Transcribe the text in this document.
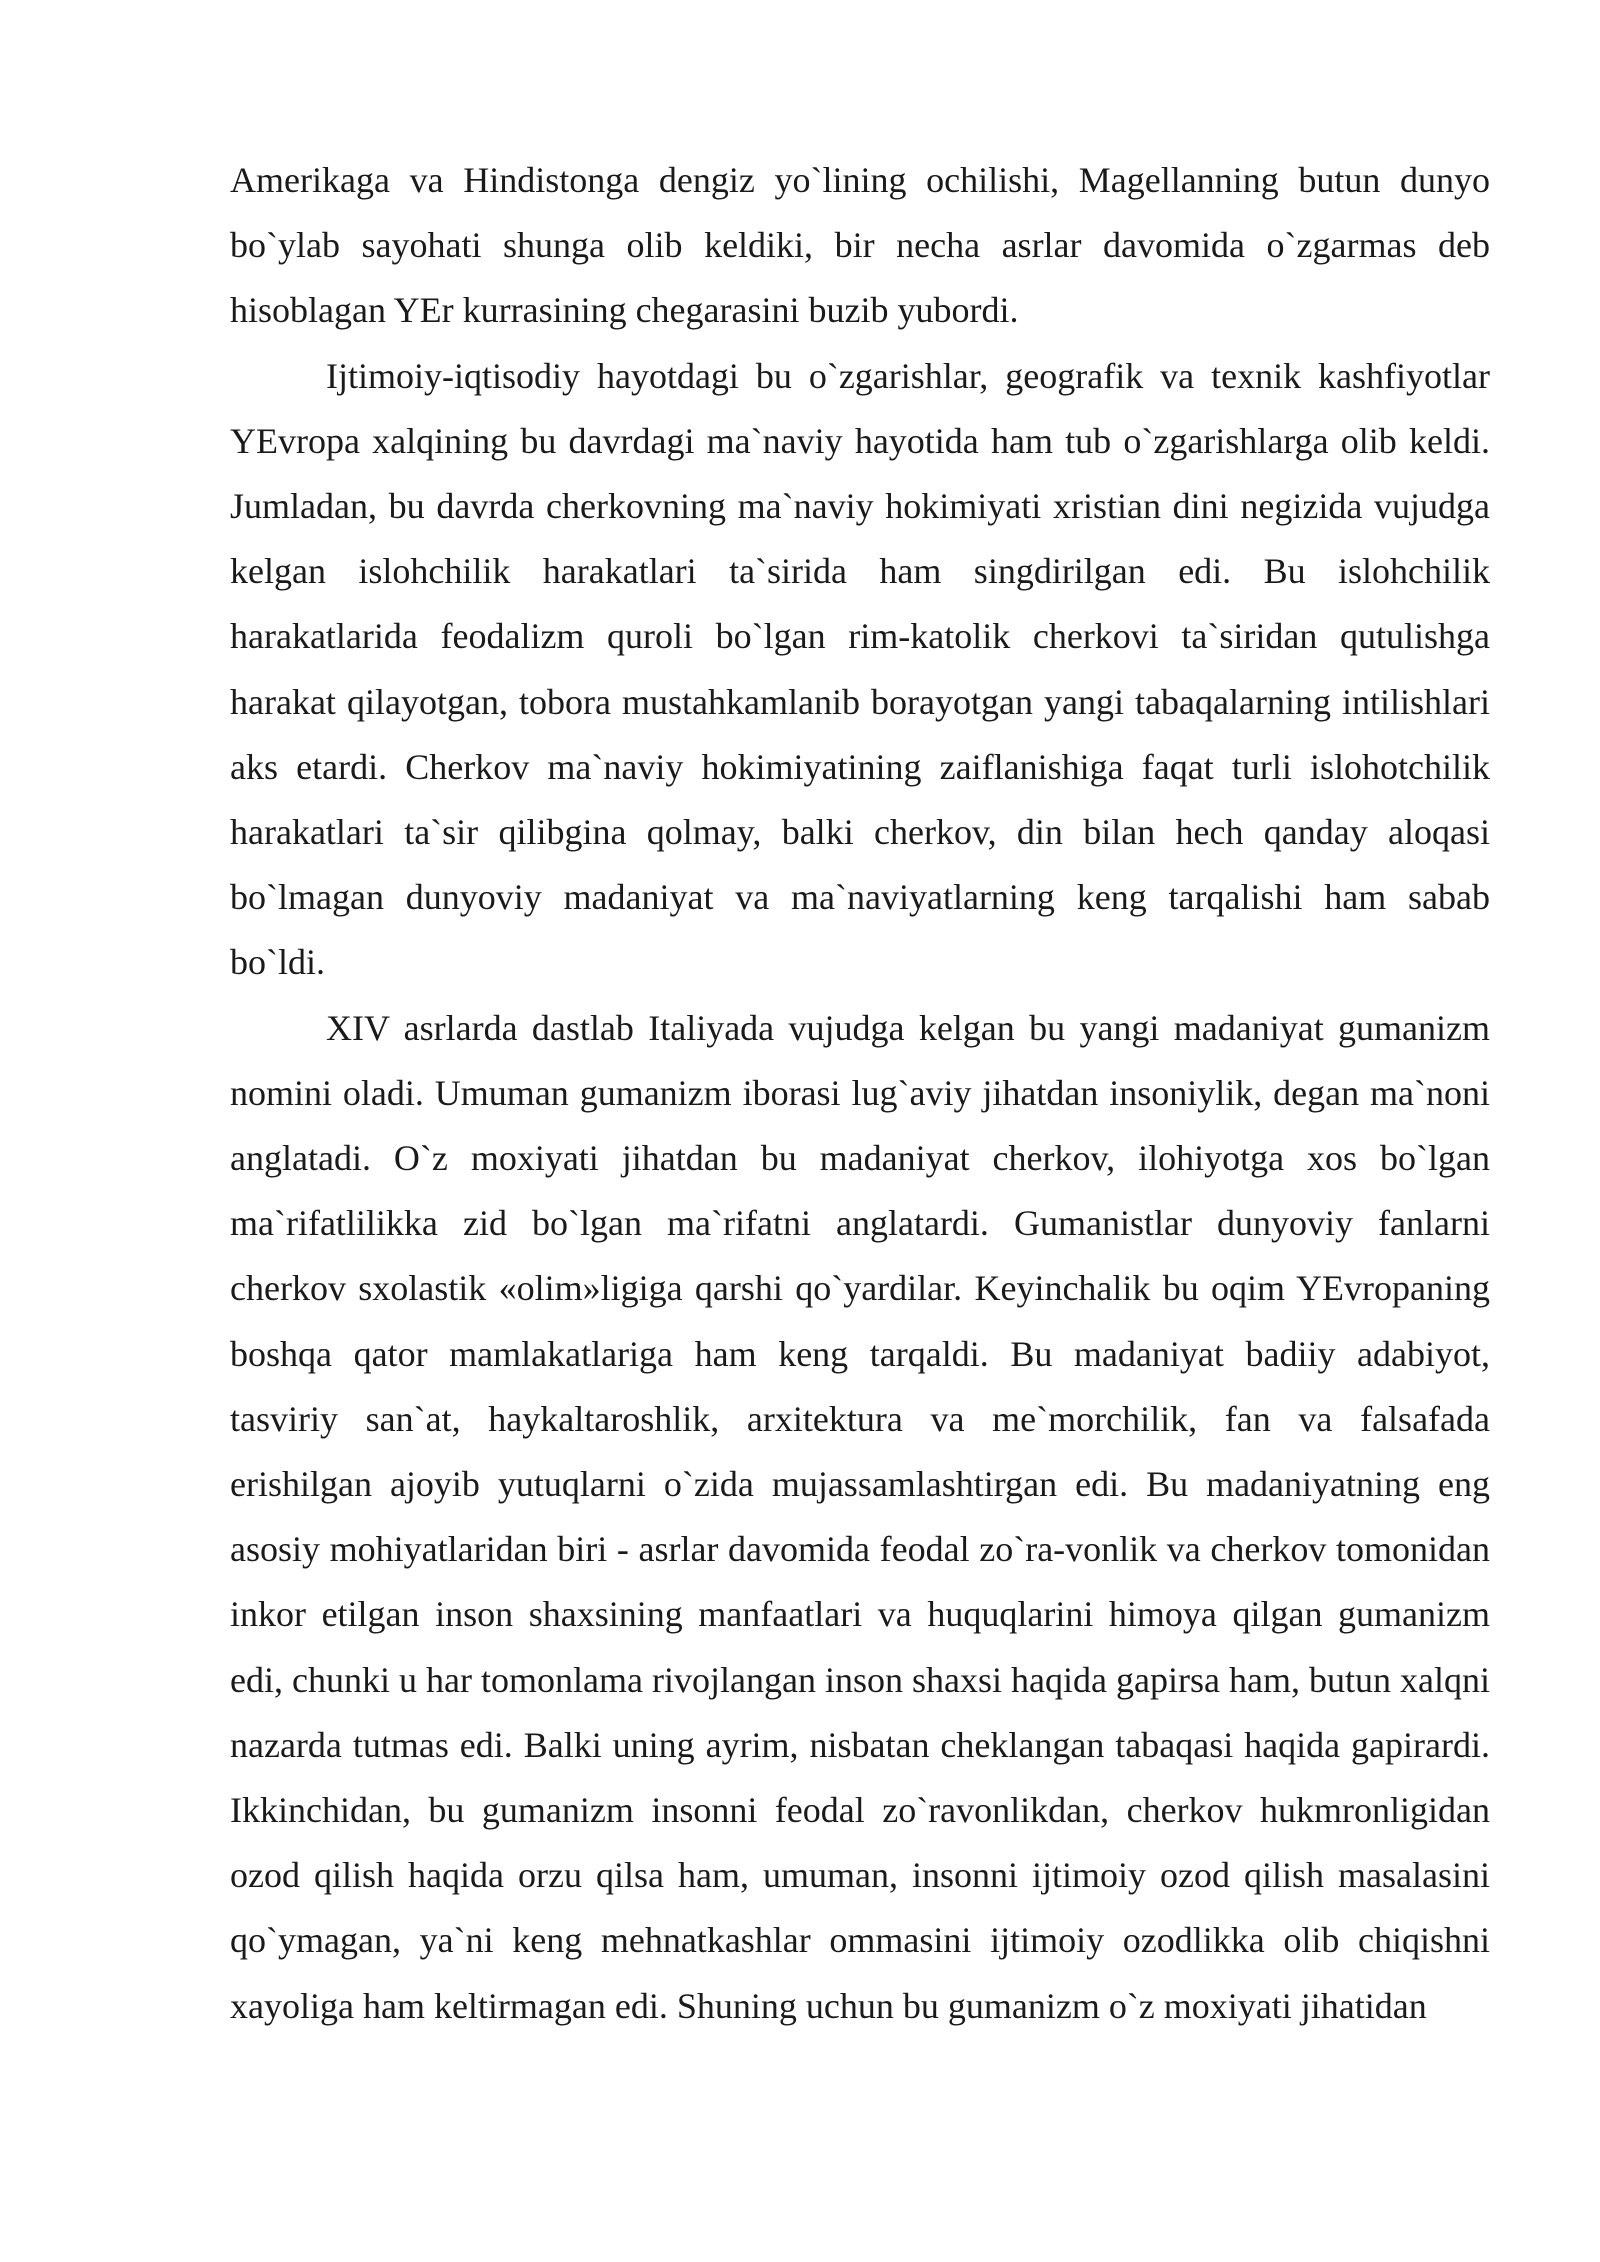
Amerikaga va Hindistonga dengiz yo`lining ochilishi, Magellanning butun dunyo bo`ylab sayohati shunga olib keldiki, bir necha asrlar davomida o`zgarmas deb hisoblagan YEr kurrasining chegarasini buzib yubordi.

Ijtimoiy-iqtisodiy hayotdagi bu o`zgarishlar, geografik va texnik kashfiyotlar YEvropa xalqining bu davrdagi ma`naviy hayotida ham tub o`zgarishlarga olib keldi. Jumladan, bu davrda cherkovning ma`naviy hokimiyati xristian dini negizida vujudga kelgan islohchilik harakatlari ta`sirida ham singdirilgan edi. Bu islohchilik harakatlarida feodalizm quroli bo`lgan rim-katolik cherkovi ta`siridan qutulishga harakat qilayotgan, tobora mustahkamlanib borayotgan yangi tabaqalarning intilishlari aks etardi. Cherkov ma`naviy hokimiyatining zaiflanishiga faqat turli islohotchilik harakatlari ta`sir qilibgina qolmay, balki cherkov, din bilan hech qanday aloqasi bo`lmagan dunyoviy madaniyat va ma`naviyatlarning keng tarqalishi ham sabab bo`ldi.

XIV asrlarda dastlab Italiyada vujudga kelgan bu yangi madaniyat gumanizm nomini oladi. Umuman gumanizm iborasi lug`aviy jihatdan insoniylik, degan ma`noni anglatadi. O`z moxiyati jihatdan bu madaniyat cherkov, ilohiyotga xos bo`lgan ma`rifatlilikka zid bo`lgan ma`rifatni anglatardi. Gumanistlar dunyoviy fanlarni cherkov sxolastik «olim»ligiga qarshi qo`yardilar. Keyinchalik bu oqim YEvropaning boshqa qator mamlakatlariga ham keng tarqaldi. Bu madaniyat badiiy adabiyot, tasviriy san`at, haykaltaroshlik, arxitektura va me`morchilik, fan va falsafada erishilgan ajoyib yutuqlarni o`zida mujassamlashtirgan edi. Bu madaniyatning eng asosiy mohiyatlaridan biri - asrlar davomida feodal zo`ra-vonlik va cherkov tomonidan inkor etilgan inson shaxsining manfaatlari va huquqlarini himoya qilgan gumanizm edi, chunki u har tomonlama rivojlangan inson shaxsi haqida gapirsa ham, butun xalqni nazarda tutmas edi. Balki uning ayrim, nisbatan cheklangan tabaqasi haqida gapirardi. Ikkinchidan, bu gumanizm insonni feodal zo`ravonlikdan, cherkov hukmronligidan ozod qilish haqida orzu qilsa ham, umuman, insonni ijtimoiy ozod qilish masalasini qo`ymagan, ya`ni keng mehnatkashlar ommasini ijtimoiy ozodlikka olib chiqishni xayoliga ham keltirmagan edi. Shuning uchun bu gumanizm o`z moxiyati jihatidan
